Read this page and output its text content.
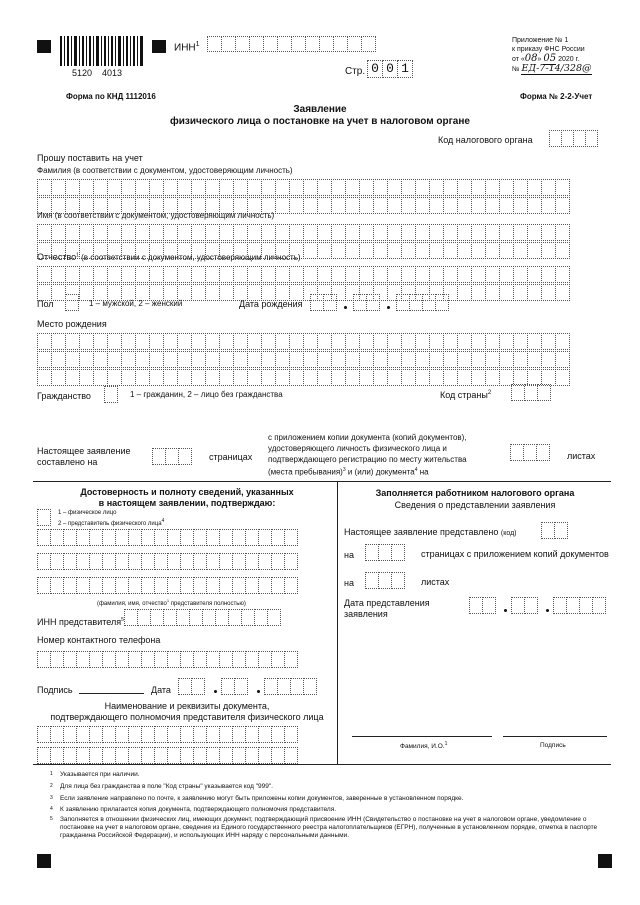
5120    4013
ИНН$^1$
Стр. 0 0 1
Приложение № 1
к приказу ФНС России
от «08» 05 2020 г.
№ ЕД-7-14/328@
Форма по КНД 1112016	Форма № 2-2-Учет
Заявление
физического лица о постановке на учет в налоговом органе
Код налогового органа
Прошу поставить на учет
Фамилия (в соответствии с документом, удостоверяющим личность)
Имя (в соответствии с документом, удостоверяющим личность)
Отчество$^1$ (в соответствии с документом, удостоверяющим личность)
Пол	1 – мужской, 2 – женский	Дата рождения
Место рождения
Гражданство	1 – гражданин, 2 – лицо без гражданства	Код страны$^2$
Настоящее заявление
составлено на	страницах
с приложением копии документа (копий документов),
удостоверяющего личность физического лица и
подтверждающего регистрацию по месту жительства
(места пребывания)$^3$ и (или) документа$^4$ на
листах
Достоверность и полноту сведений, указанных
в настоящем заявлении, подтверждаю:
1 – физическое лицо
2 – представитель физического лица$^4$
(фамилия, имя, отчество$^1$ представителя полностью)
ИНН представителя$^5$
Номер контактного телефона
Подпись	Дата
Наименование и реквизиты документа,
подтверждающего полномочия представителя физического лица
Заполняется работником налогового органа
Сведения о представлении заявления
Настоящее заявление представлено (код)
на	страницах с приложением копий документов
на	листах
Дата представления
заявления
Фамилия, И.О.$^1$	Подпись
1 Указывается при наличии.
2 Для лица без гражданства в поле "Код страны" указывается код "999".
3 Если заявление направлено по почте, к заявлению могут быть приложены копии документов, заверенные в установленном порядке.
4 К заявлению прилагается копия документа, подтверждающего полномочия представителя.
5 Заполняется в отношении физических лиц, имеющих документ, подтверждающий присвоение ИНН (Свидетельство о постановке на учет в налоговом органе, уведомление о постановке на учет в налоговом органе, сведения из Единого государственного реестра налогоплательщиков (ЕГРН), полученные в установленном порядке, отметка в паспорте гражданина Российской Федерации), и использующих ИНН наряду с персональными данными.
